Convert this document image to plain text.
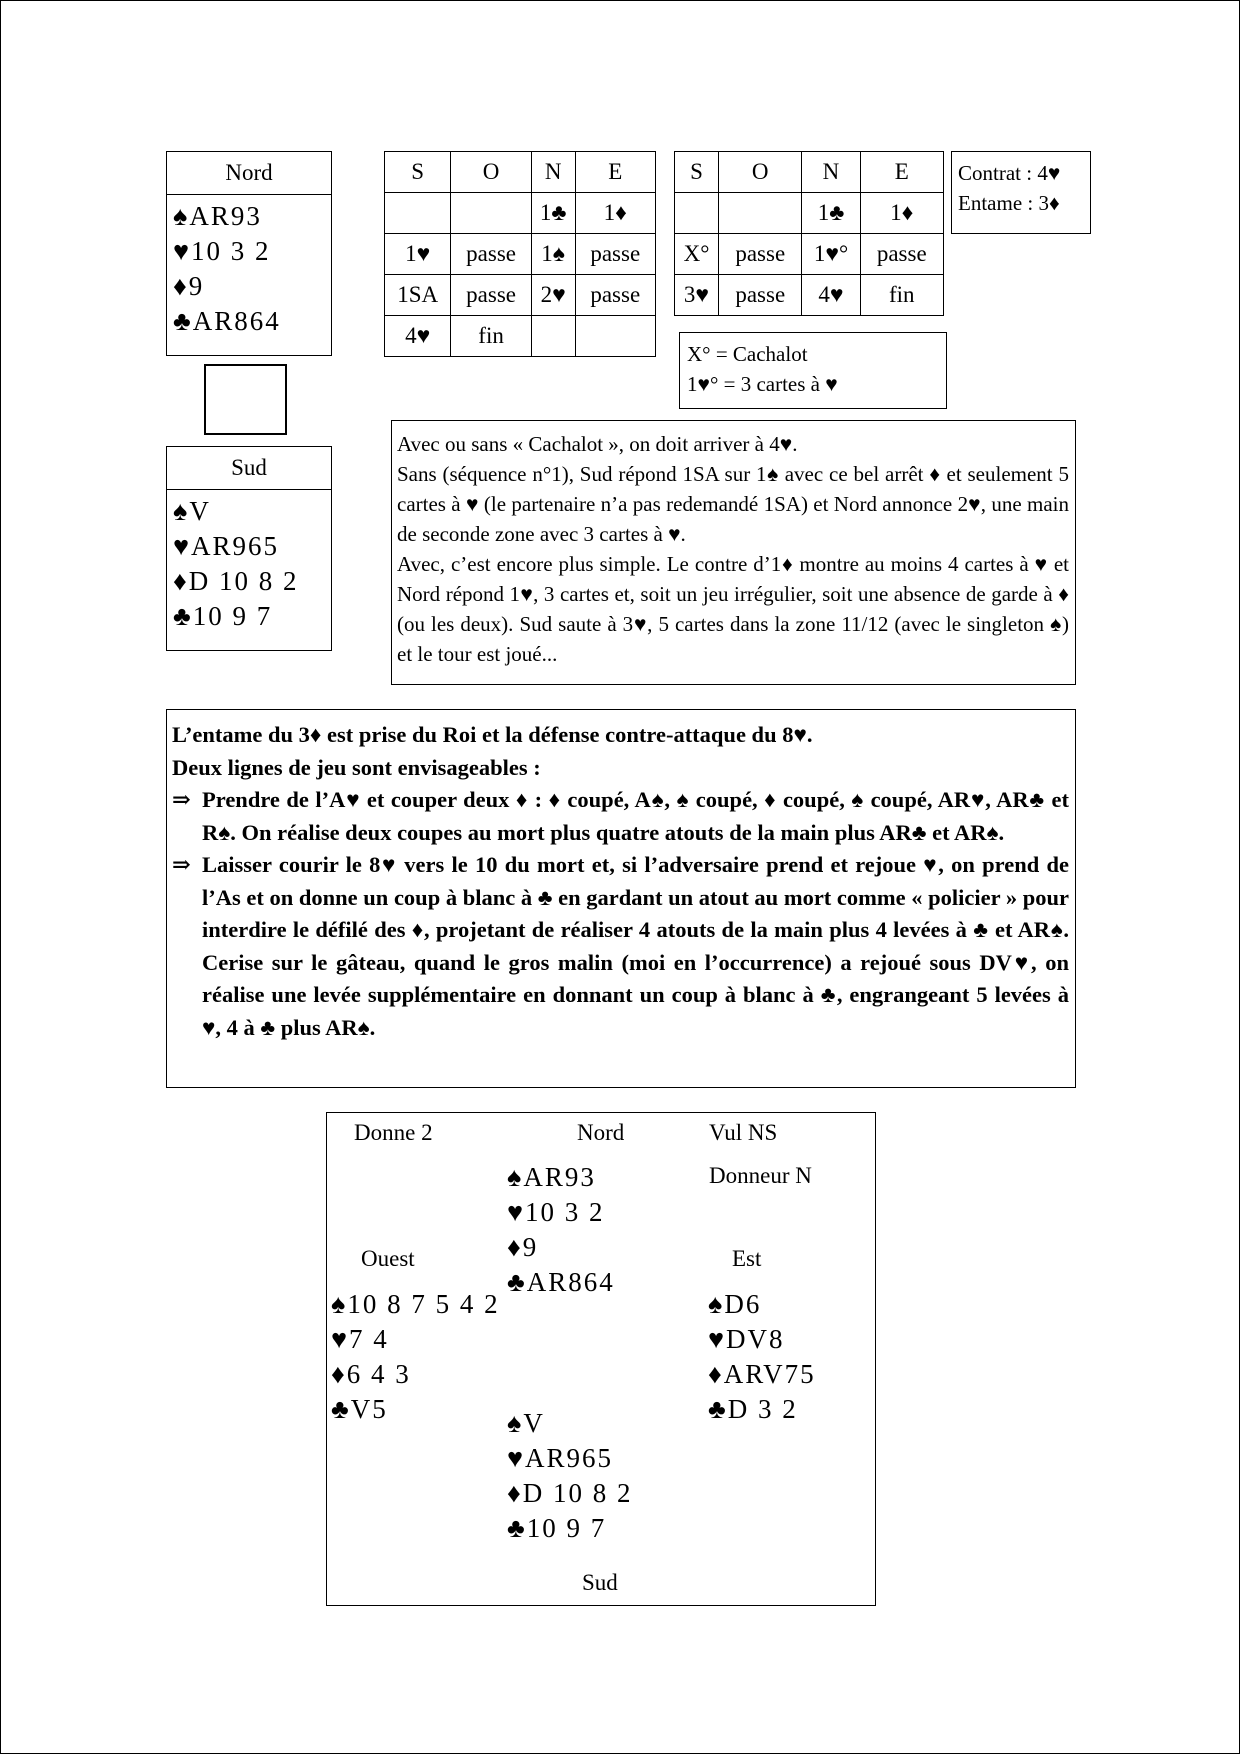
Nord
♠AR93
♥10 3 2
♦9
♣AR864
Sud
♠V
♥AR965
♦D 10 8 2
♣10 9 7
S	O	N	E
		1♣	1♦
1♥	passe	1♠	passe
1SA	passe	2♥	passe
4♥	fin		
S	O	N	E
		1♣	1♦
X°	passe	1♥°	passe
3♥	passe	4♥	fin
Contrat : 4♥
Entame : 3♦
X° = Cachalot
1♥° = 3 cartes à ♥
Avec ou sans « Cachalot », on doit arriver à 4♥.
Sans (séquence n°1), Sud répond 1SA sur 1♠ avec ce bel arrêt ♦ et seulement 5 cartes à ♥ (le partenaire n’a pas redemandé 1SA) et Nord annonce 2♥, une main de seconde zone avec 3 cartes à ♥.
Avec, c’est encore plus simple. Le contre d’1♦ montre au moins 4 cartes à ♥ et Nord répond 1♥, 3 cartes et, soit un jeu irrégulier, soit une absence de garde à ♦ (ou les deux). Sud saute à 3♥, 5 cartes dans la zone 11/12 (avec le singleton ♠) et le tour est joué...
L’entame du 3♦ est prise du Roi et la défense contre-attaque du 8♥.
Deux lignes de jeu sont envisageables :
⇒ Prendre de l’A♥ et couper deux ♦ : ♦ coupé, A♠, ♠ coupé, ♦ coupé, ♠ coupé, AR♥, AR♣ et R♠. On réalise deux coupes au mort plus quatre atouts de la main plus AR♣ et AR♠.
⇒ Laisser courir le 8♥ vers le 10 du mort et, si l’adversaire prend et rejoue ♥, on prend de l’As et on donne un coup à blanc à ♣ en gardant un atout au mort comme « policier » pour interdire le défilé des ♦, projetant de réaliser 4 atouts de la main plus 4 levées à ♣ et AR♠. Cerise sur le gâteau, quand le gros malin (moi en l’occurrence) a rejoué sous DV♥, on réalise une levée supplémentaire en donnant un coup à blanc à ♣, engrangeant 5 levées à ♥, 4 à ♣ plus AR♠.
Donne 2	Nord	Vul NS
Donneur N
Ouest	Est
Sud
♠AR93
♥10 3 2
♦9
♣AR864
♠10 8 7 5 4 2
♥7 4
♦6 4 3
♣V5
♠D6
♥DV8
♦ARV75
♣D 3 2
♠V
♥AR965
♦D 10 8 2
♣10 9 7
